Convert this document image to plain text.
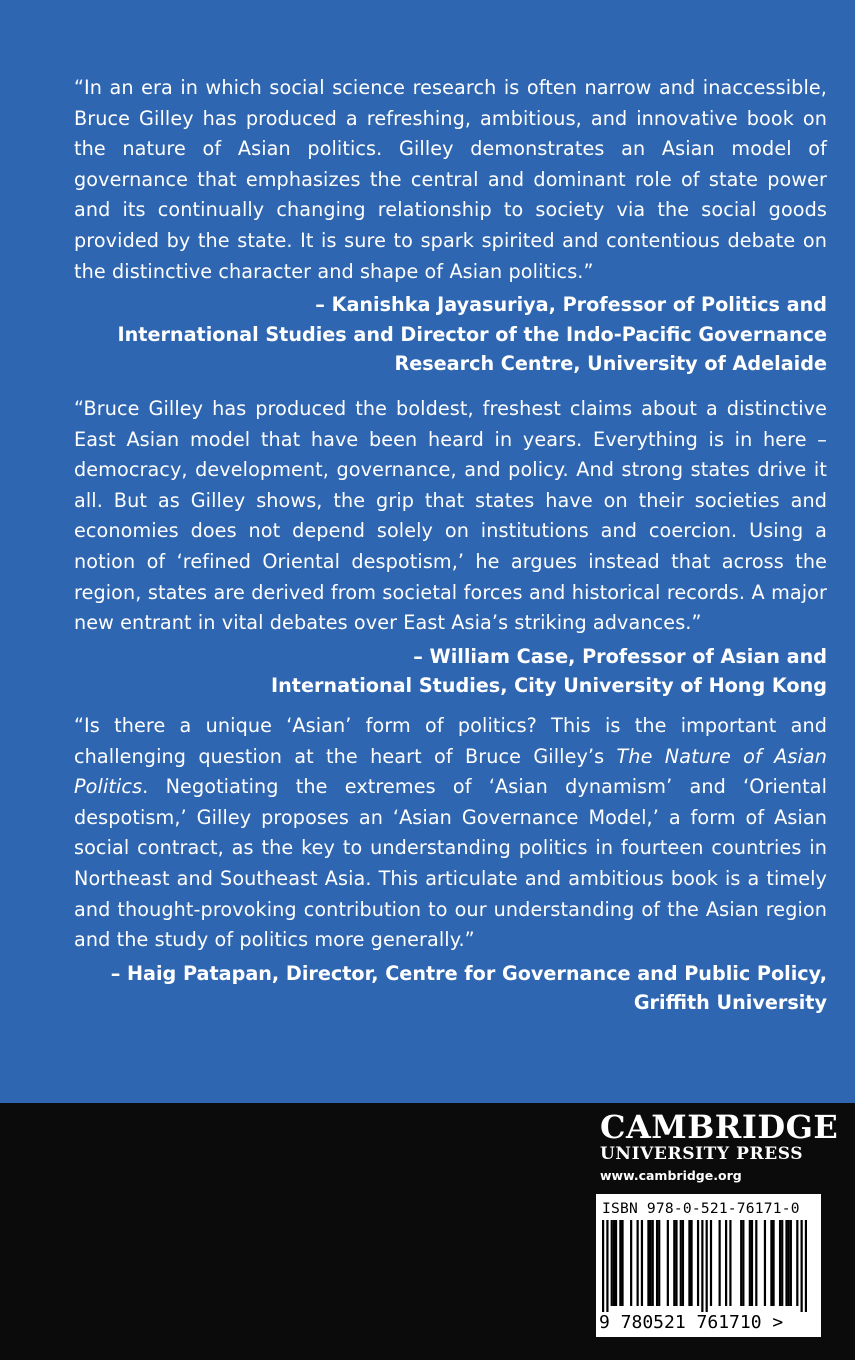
“In an era in which social science research is often narrow and inaccessible, Bruce Gilley has produced a refreshing, ambitious, and innovative book on the nature of Asian politics. Gilley demonstrates an Asian model of governance that emphasizes the central and dominant role of state power and its continually changing relationship to society via the social goods provided by the state. It is sure to spark spirited and contentious debate on the distinctive character and shape of Asian politics.”

– Kanishka Jayasuriya, Professor of Politics and
International Studies and Director of the Indo-Pacific Governance
Research Centre, University of Adelaide

“Bruce Gilley has produced the boldest, freshest claims about a distinctive East Asian model that have been heard in years. Everything is in here – democracy, development, governance, and policy. And strong states drive it all. But as Gilley shows, the grip that states have on their societies and economies does not depend solely on institutions and coercion. Using a notion of ‘refined Oriental despotism,’ he argues instead that across the region, states are derived from societal forces and historical records. A major new entrant in vital debates over East Asia’s striking advances.”

– William Case, Professor of Asian and
International Studies, City University of Hong Kong

“Is there a unique ‘Asian’ form of politics? This is the important and challenging question at the heart of Bruce Gilley’s The Nature of Asian Politics. Negotiating the extremes of ‘Asian dynamism’ and ‘Oriental despotism,’ Gilley proposes an ‘Asian Governance Model,’ a form of Asian social contract, as the key to understanding politics in fourteen countries in Northeast and Southeast Asia. This articulate and ambitious book is a timely and thought-provoking contribution to our understanding of the Asian region and the study of politics more generally.”

– Haig Patapan, Director, Centre for Governance and Public Policy,
Griffith University
CAMBRIDGE
UNIVERSITY PRESS
www.cambridge.org
ISBN 978-0-521-76171-0
9 780521 761710 >
